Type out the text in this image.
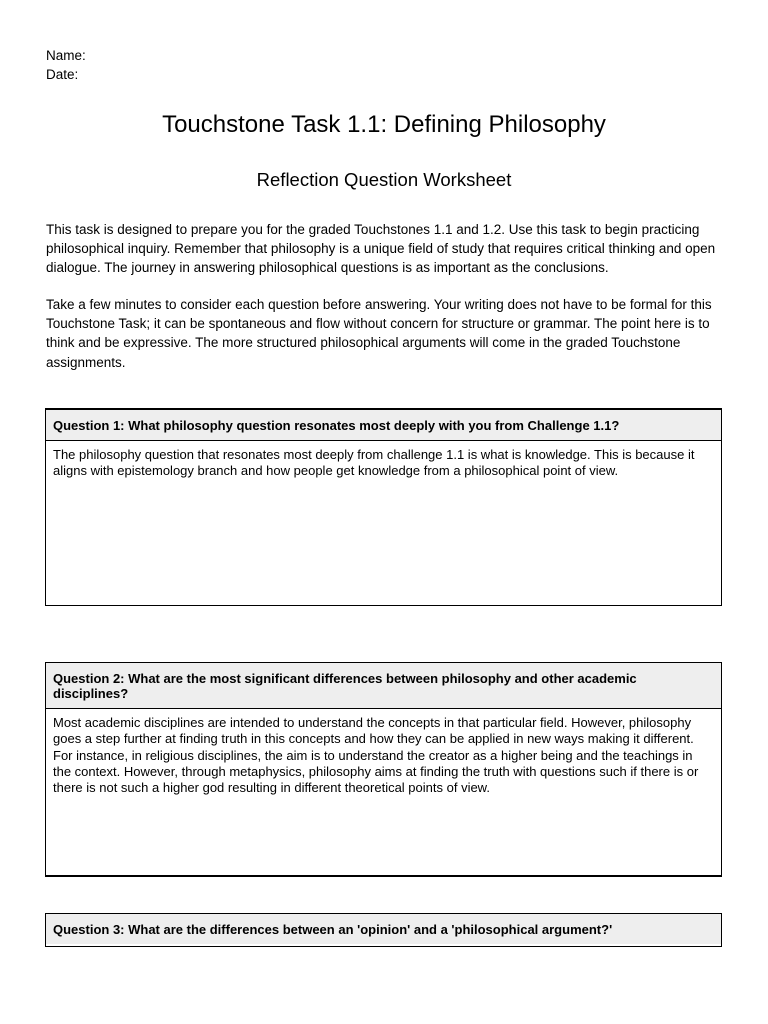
Name:
Date:
Touchstone Task 1.1: Defining Philosophy
Reflection Question Worksheet

This task is designed to prepare you for the graded Touchstones 1.1 and 1.2. Use this task to begin practicing philosophical inquiry. Remember that philosophy is a unique field of study that requires critical thinking and open dialogue. The journey in answering philosophical questions is as important as the conclusions.

Take a few minutes to consider each question before answering. Your writing does not have to be formal for this Touchstone Task; it can be spontaneous and flow without concern for structure or grammar. The point here is to think and be expressive. The more structured philosophical arguments will come in the graded Touchstone assignments.

Question 1: What philosophy question resonates most deeply with you from Challenge 1.1?
The philosophy question that resonates most deeply from challenge 1.1 is what is knowledge. This is because it aligns with epistemology branch and how people get knowledge from a philosophical point of view.
Question 2: What are the most significant differences between philosophy and other academic disciplines?
Most academic disciplines are intended to understand the concepts in that particular field. However, philosophy goes a step further at finding truth in this concepts and how they can be applied in new ways making it different. For instance, in religious disciplines, the aim is to understand the creator as a higher being and the teachings in the context. However, through metaphysics, philosophy aims at finding the truth with questions such if there is or there is not such a higher god resulting in different theoretical points of view.
Question 3: What are the differences between an 'opinion' and a 'philosophical argument?'
